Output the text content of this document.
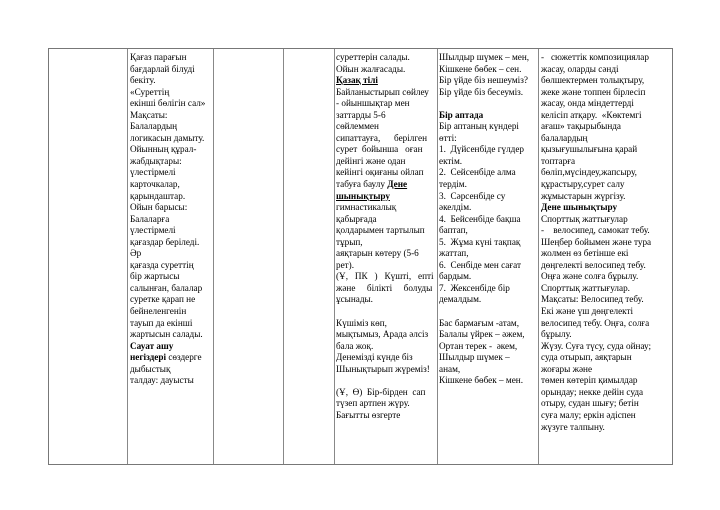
Қағаз парағын
бағдарлай білуді
бекіту.
«Суреттің
екінші бөлігін сал»
Мақсаты:
Балалардың
логикасын дамыту.
Ойынның құрал-
жабдықтары:
үлестірмелі
карточкалар,
қарындаштар.
Ойын барысы:
Балаларға
үлестірмелі
қағаздар беріледі.
Әр
қағазда суреттің
бір жартысы
салынған, балалар
суретке қарап не
бейнеленгенін
тауып да екінші
жартысын салады.
Сауат ашу
негіздері сөздерге
дыбыстық
талдау: дауысты
суреттерін салады.
Ойын жалғасады.
Қазақ тілі
Байланыстырып сөйлеу
- ойыншықтар мен
заттарды 5-6
сөйлеммен
сипаттауға,      берілген
сурет  бойынша   оған
дейінгі және одан
кейінгі оқиғаны ойлап
табуға баулу Дене
шынықтыру
гимнастикалық
қабырғада
қолдарымен тартылып
тұрып,
аяқтарын көтеру (5-6
рет).
(Ұ,   ПК   )   Күшті,   епті
және     білікті     болуды
ұсынады.
Күшіміз көп,
мықтымыз, Арада әлсіз
бала жоқ.
Денеміздi күнде біз
Шынықтырып жүреміз!
(Ұ,  Ө)  Бір-бірден  сап
түзеп артпен жүру.
Бағытты өзгерте
Шылдыр шүмек – мен,
Кішкене бөбек – сен.
Бір үйде біз нешеуміз?
Бір үйде біз бесеуміз.
Бір аптада
Бір аптаның күндері
өтті:
1.  Дүйсенбіде гүлдер
ектім.
2.  Сейсенбіде алма
тердім.
3.  Сәрсенбіде су
әкелдім.
4.  Бейсенбіде бақша
баптап,
5.  Жұма күні тақпақ
жаттап,
6.  Сенбіде мен сағат
бардым.
7.  Жексенбіде бір
демалдым.
Бас бармағым -атам,
Балалы үйрек – әжем,
Ортан терек -  әкем,
Шылдыр шүмек –
анам,
Кішкене бөбек – мен.
-   сюжеттік композициялар
жасау, оларды сәнді
бөлшектермен толықтыру,
жеке және топпен бірлесіп
жасау, онда міндеттерді
келісіп атқару.  «Көктемгі
ағаш» тақырыбында
балалардың
қызығушылығына қарай
топтарға
бөліп,мүсіндеу,жапсыру,
құрастыру,сурет салу
жұмыстарын жүргізу.
Дене шынықтыру
Спорттық жаттығулар
-    велосипед, самокат тебу.
Шеңбер бойымен және тура
жолмен өз бетінше екі
дөңгелекті велосипед тебу.
Оңға және солға бұрылу.
Спорттық жаттығулар.
Мақсаты: Велосипед тебу.
Екі және үш дөңгелекті
велосипед тебу. Оңға, солға
бұрылу.
Жүзу. Суға түсу, суда ойнау;
суда отырып, аяқтарын
жоғары және
төмен көтеріп қимылдар
орындау; некке дейін суда
отыру, судан шығу; бетін
суға малу; еркін әдіспен
жүзуге талпыну.
